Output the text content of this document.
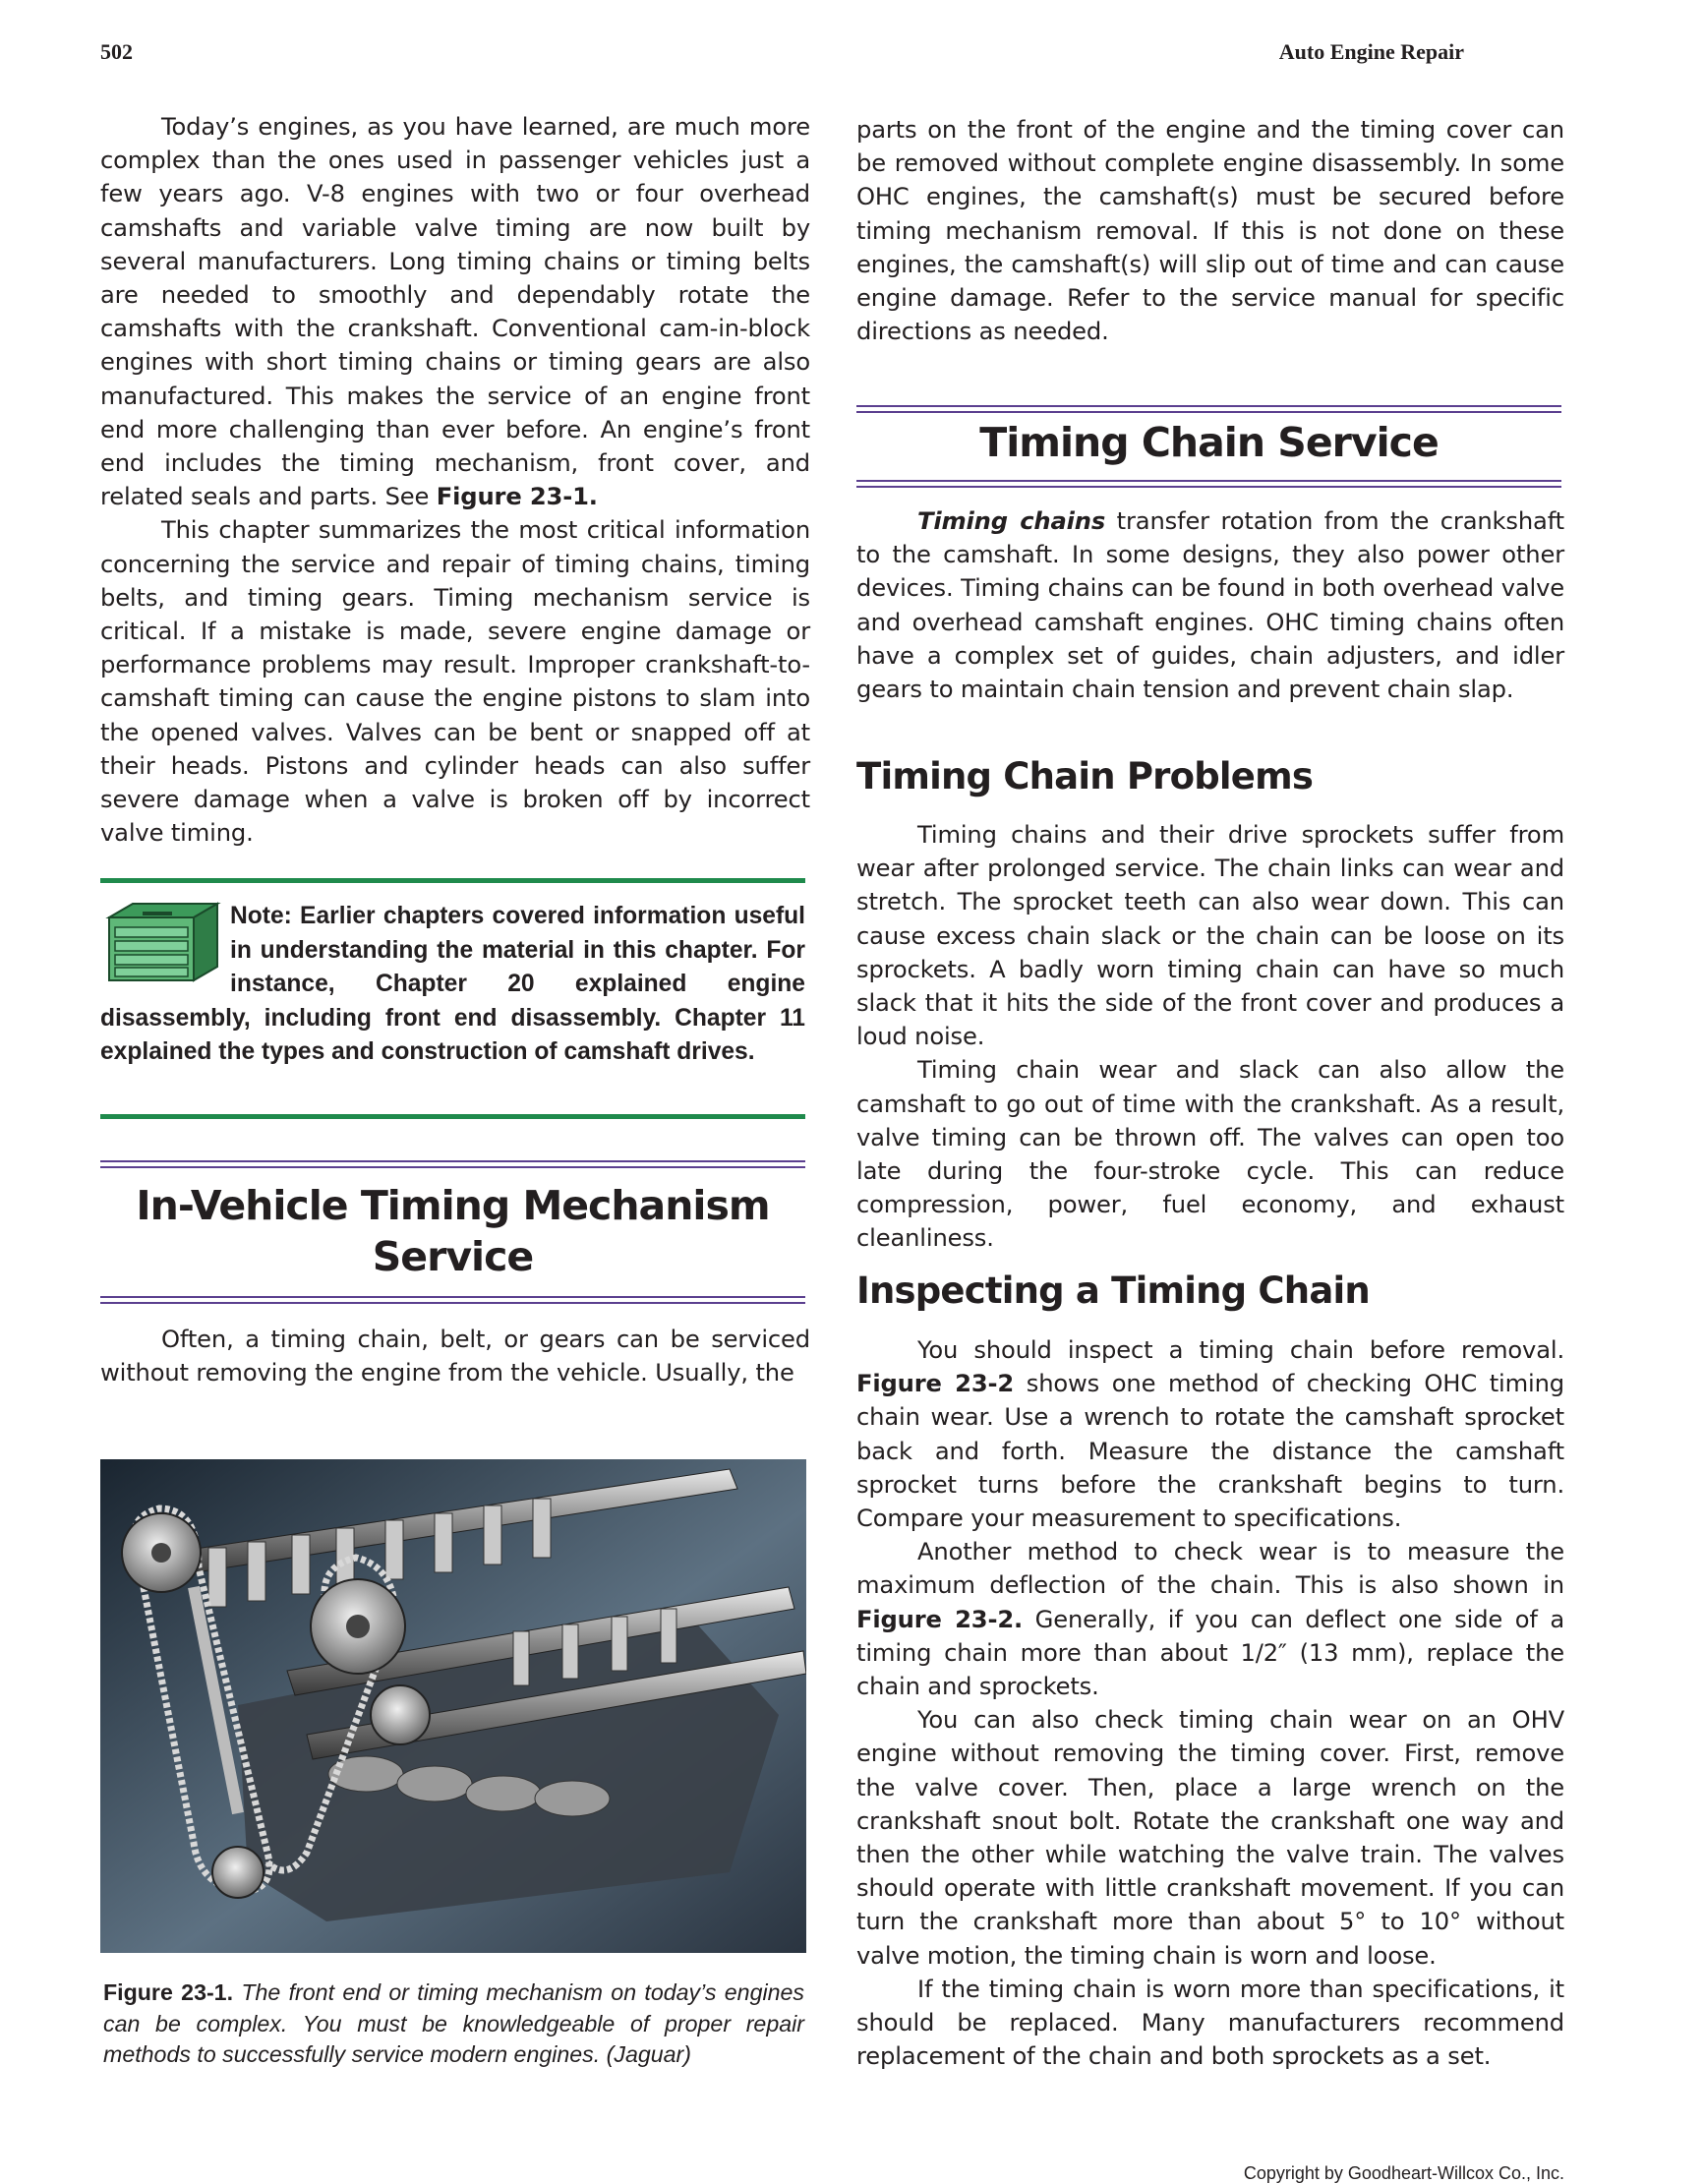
502	Auto Engine Repair

Today’s engines, as you have learned, are much more complex than the ones used in passenger vehicles just a few years ago. V-8 engines with two or four overhead camshafts and variable valve timing are now built by several manufacturers. Long timing chains or timing belts are needed to smoothly and dependably rotate the camshafts with the crankshaft. Conventional cam-in-block engines with short timing chains or timing gears are also manufactured. This makes the service of an engine front end more challenging than ever before. An engine’s front end includes the timing mechanism, front cover, and related seals and parts. See Figure 23-1.

This chapter summarizes the most critical information concerning the service and repair of timing chains, timing belts, and timing gears. Timing mechanism service is critical. If a mistake is made, severe engine damage or performance problems may result. Improper crankshaft-to-camshaft timing can cause the engine pistons to slam into the opened valves. Valves can be bent or snapped off at their heads. Pistons and cylinder heads can also suffer severe damage when a valve is broken off by incorrect valve timing.

Note: Earlier chapters covered information useful in understanding the material in this chapter. For instance, Chapter 20 explained engine disassembly, including front end disassembly. Chapter 11 explained the types and construction of camshaft drives.
In-Vehicle Timing Mechanism
Service

Often, a timing chain, belt, or gears can be serviced without removing the engine from the vehicle. Usually, the

Figure 23-1. The front end or timing mechanism on today’s engines can be complex. You must be knowledgeable of proper repair methods to successfully service modern engines. (Jaguar)

parts on the front of the engine and the timing cover can be removed without complete engine disassembly. In some OHC engines, the camshaft(s) must be secured before timing mechanism removal. If this is not done on these engines, the camshaft(s) will slip out of time and can cause engine damage. Refer to the service manual for specific directions as needed.

Timing Chain Service

Timing chains transfer rotation from the crankshaft to the camshaft. In some designs, they also power other devices. Timing chains can be found in both overhead valve and overhead camshaft engines. OHC timing chains often have a complex set of guides, chain adjusters, and idler gears to maintain chain tension and prevent chain slap.

Timing Chain Problems

Timing chains and their drive sprockets suffer from wear after prolonged service. The chain links can wear and stretch. The sprocket teeth can also wear down. This can cause excess chain slack or the chain can be loose on its sprockets. A badly worn timing chain can have so much slack that it hits the side of the front cover and produces a loud noise.

Timing chain wear and slack can also allow the camshaft to go out of time with the crankshaft. As a result, valve timing can be thrown off. The valves can open too late during the four-stroke cycle. This can reduce compression, power, fuel economy, and exhaust cleanliness.

Inspecting a Timing Chain

You should inspect a timing chain before removal. Figure 23-2 shows one method of checking OHC timing chain wear. Use a wrench to rotate the camshaft sprocket back and forth. Measure the distance the camshaft sprocket turns before the crankshaft begins to turn. Compare your measurement to specifications.

Another method to check wear is to measure the maximum deflection of the chain. This is also shown in Figure 23-2. Generally, if you can deflect one side of a timing chain more than about 1/2″ (13 mm), replace the chain and sprockets.

You can also check timing chain wear on an OHV engine without removing the timing cover. First, remove the valve cover. Then, place a large wrench on the crankshaft snout bolt. Rotate the crankshaft one way and then the other while watching the valve train. The valves should operate with little crankshaft movement. If you can turn the crankshaft more than about 5° to 10° without valve motion, the timing chain is worn and loose.

If the timing chain is worn more than specifications, it should be replaced. Many manufacturers recommend replacement of the chain and both sprockets as a set.

Copyright by Goodheart-Willcox Co., Inc.
